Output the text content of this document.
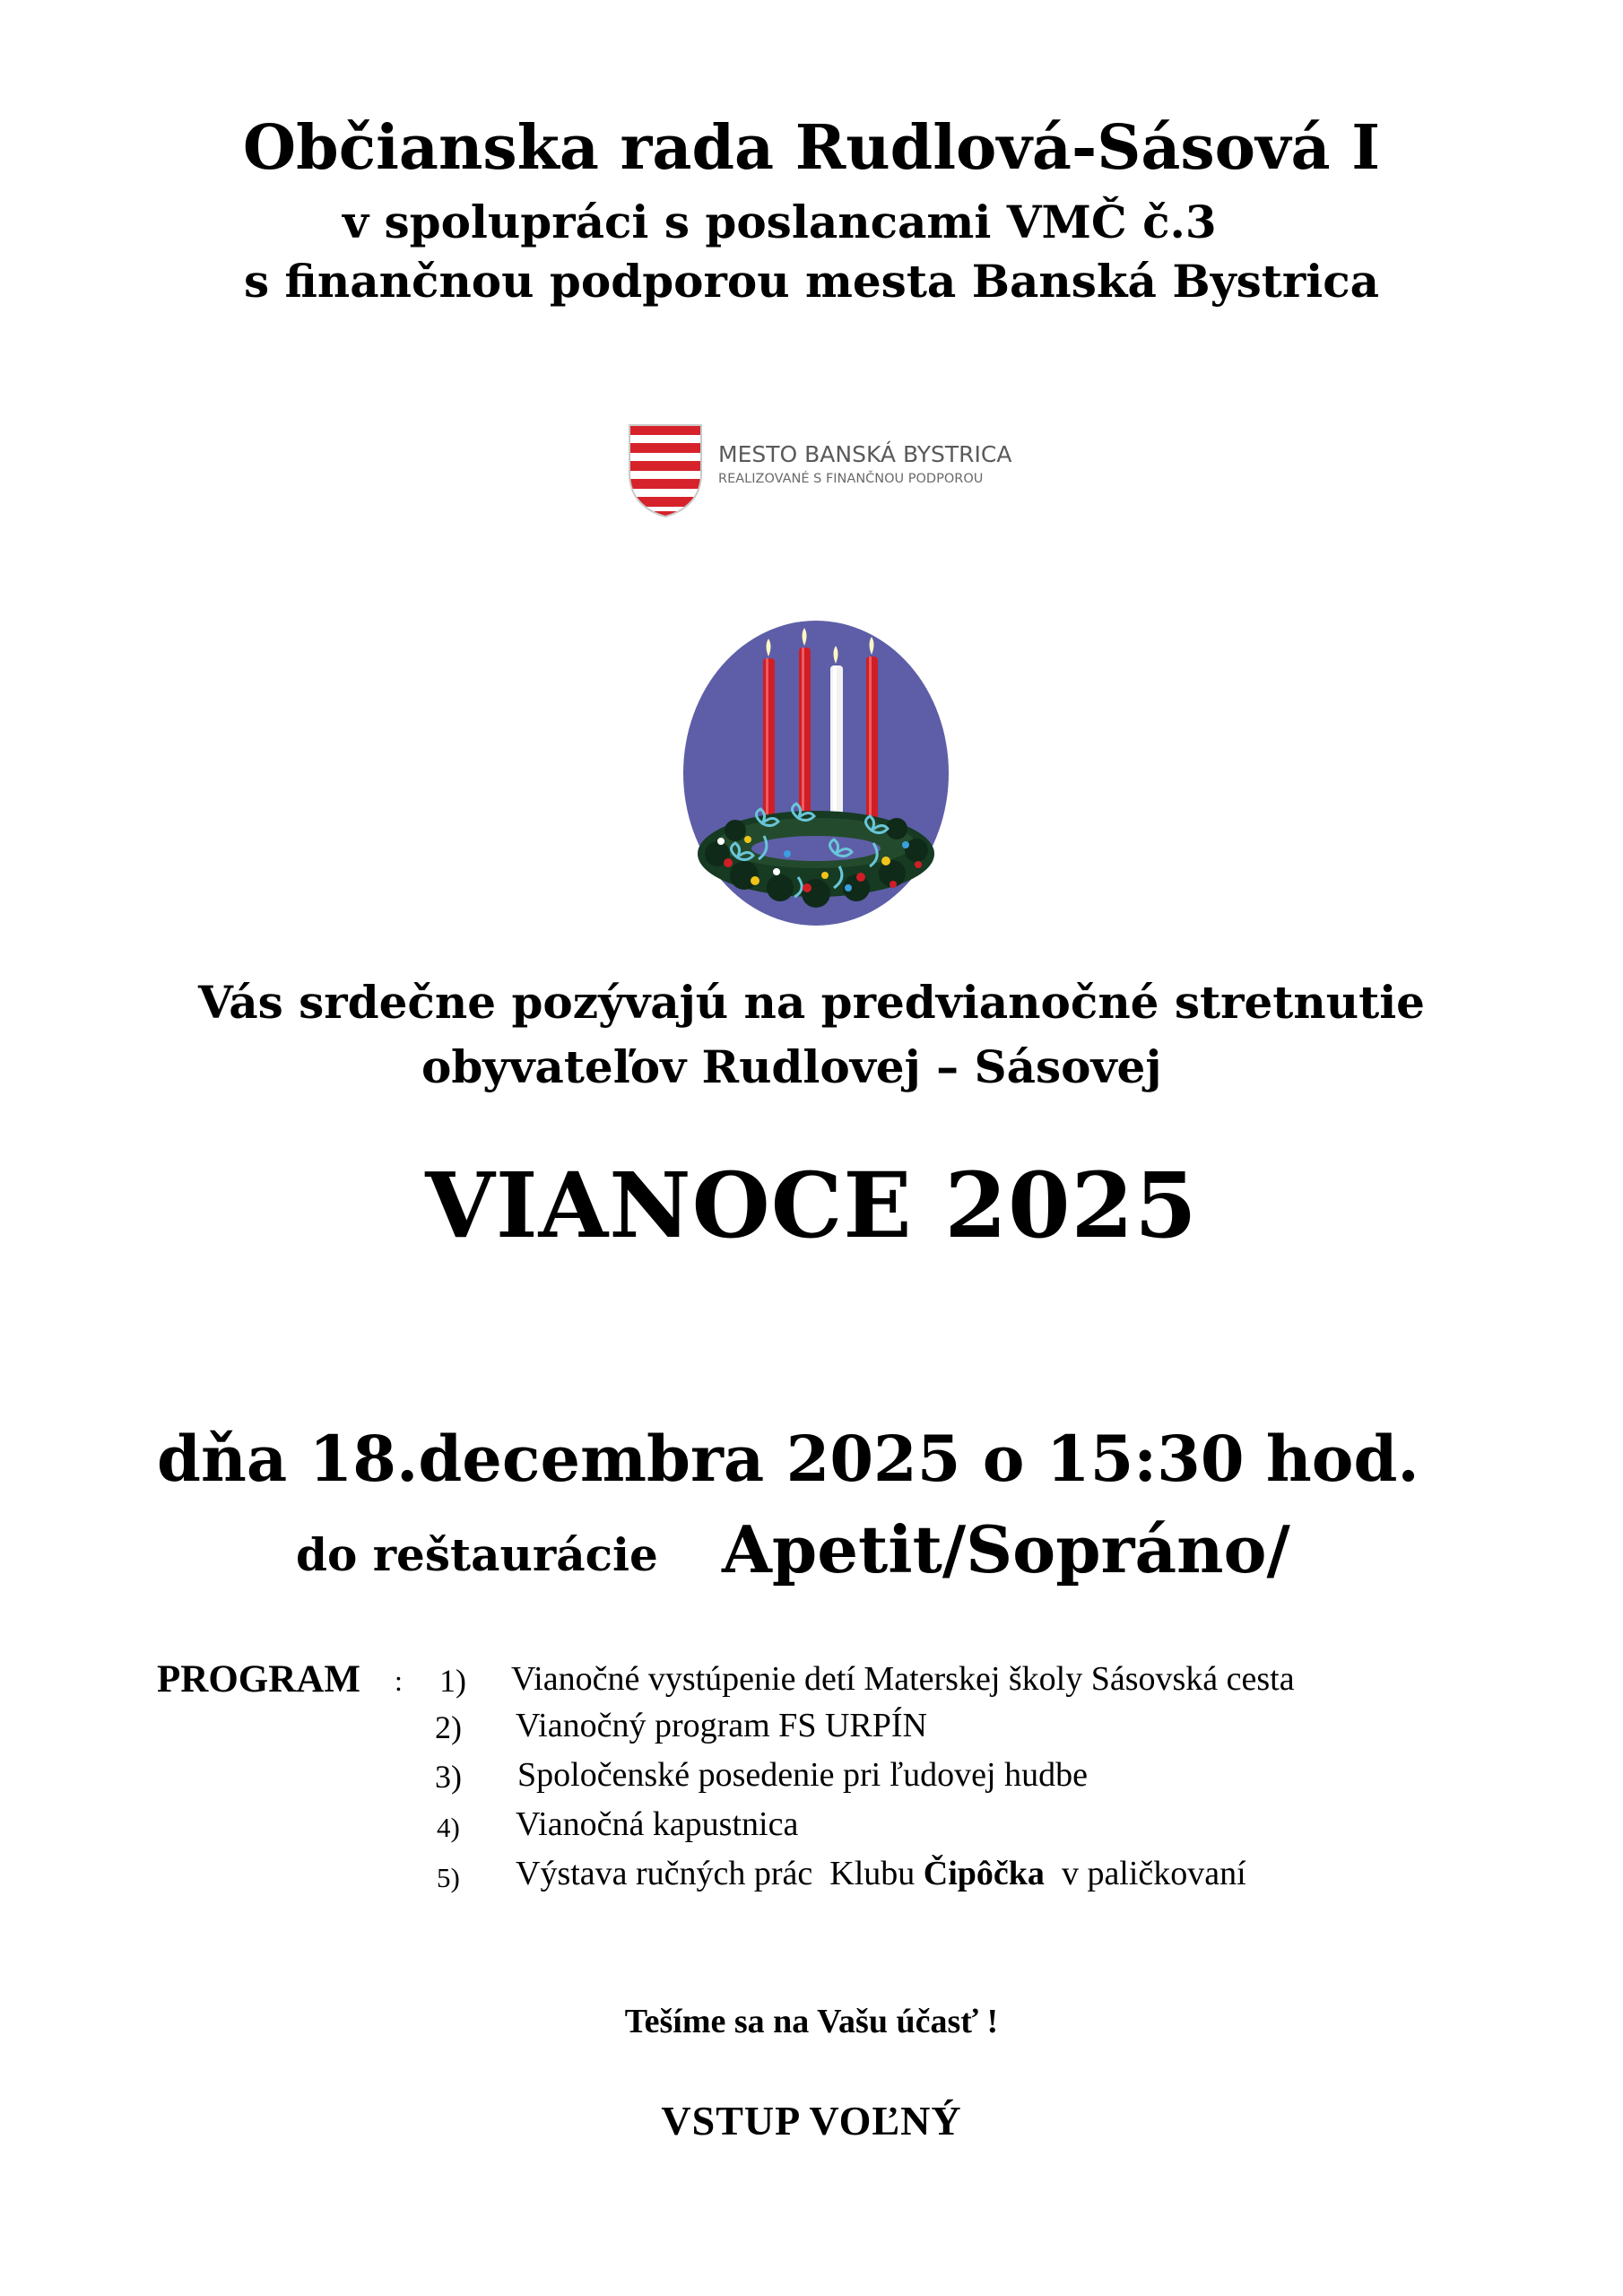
Občianska rada Rudlová-Sásová I
v spolupráci s poslancami VMČ č.3
s finančnou podporou mesta Banská Bystrica
MESTO BANSKÁ BYSTRICA
REALIZOVANÉ S FINANČNOU PODPOROU
Vás srdečne pozývajú na predvianočné stretnutie
obyvateľov Rudlovej – Sásovej
VIANOCE 2025
dňa 18.decembra 2025 o 15:30 hod.
do reštaurácie Apetit/Sopráno/
PROGRAM : 1) Vianočné vystúpenie detí Materskej školy Sásovská cesta
2) Vianočný program FS URPÍN
3) Spoločenské posedenie pri ľudovej hudbe
4) Vianočná kapustnica
5) Výstava ručných prác  Klubu Čipôčka  v paličkovaní
Tešíme sa na Vašu účasť !
VSTUP VOĽNÝ
